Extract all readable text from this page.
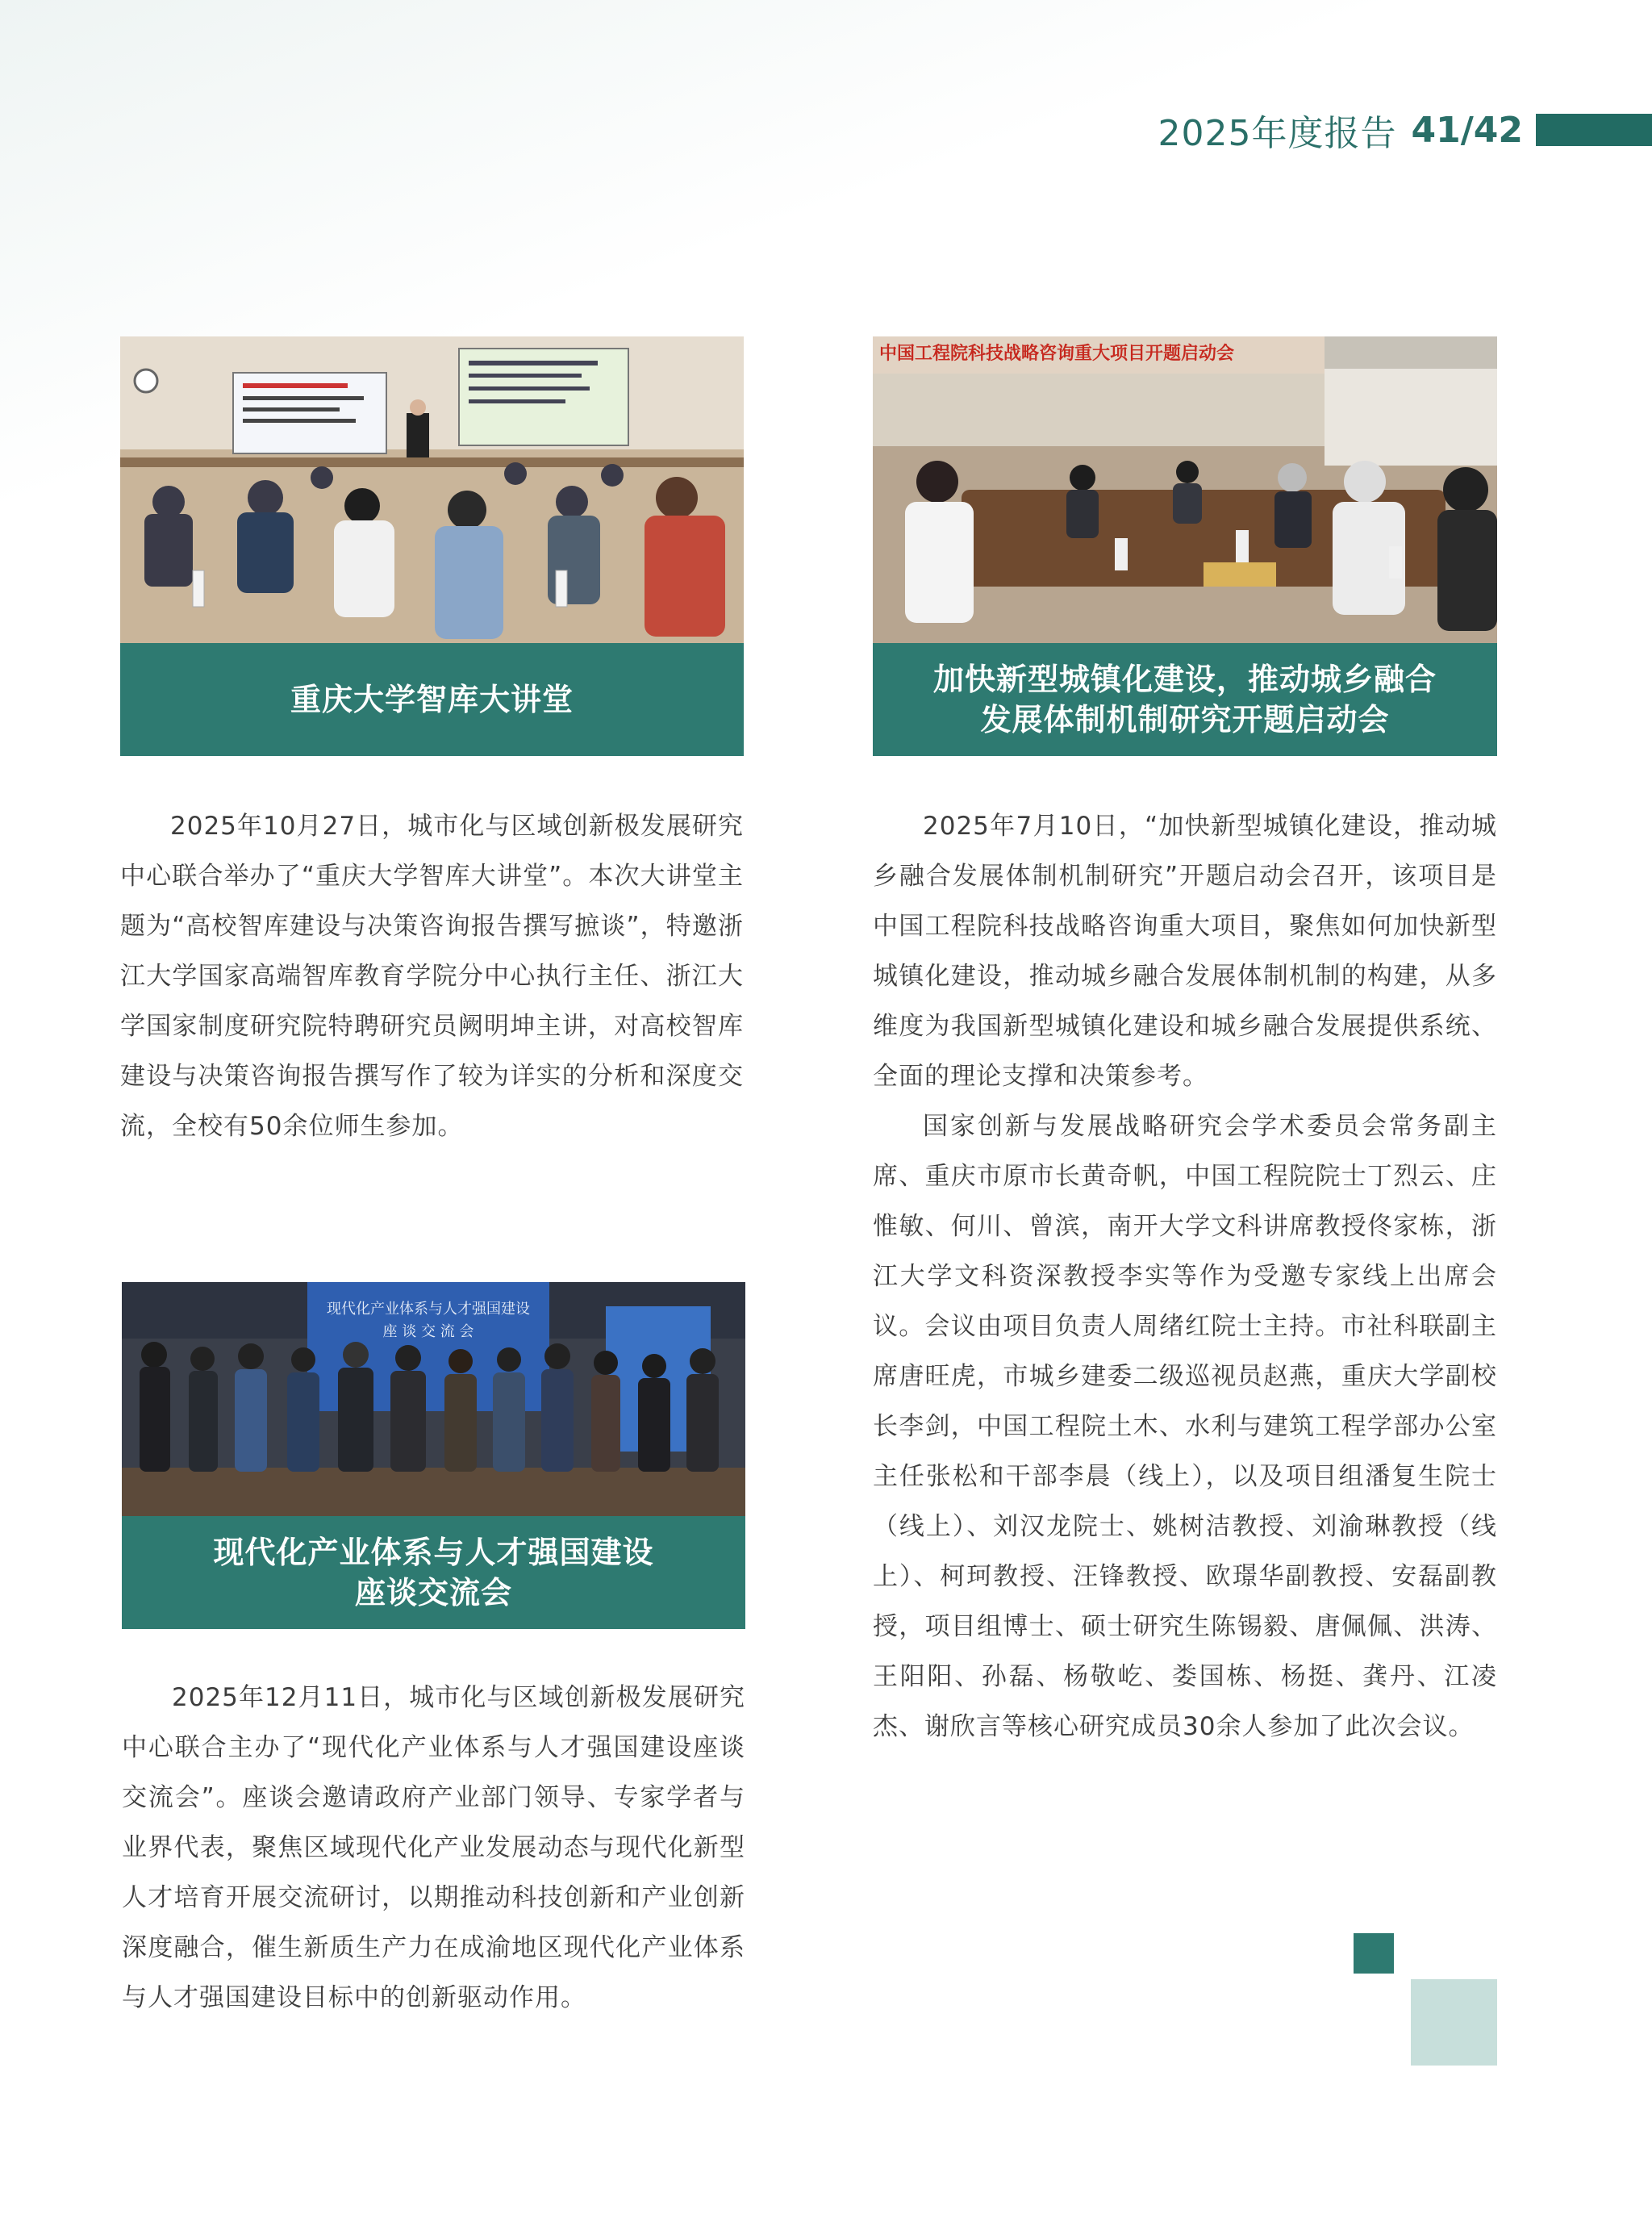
2025年度报告 41/42
重庆大学智库大讲堂

2025年10月27日，城市化与区域创新极发展研究中心联合举办了“重庆大学智库大讲堂”。本次大讲堂主题为“高校智库建设与决策咨询报告撰写摭谈”，特邀浙江大学国家高端智库教育学院分中心执行主任、浙江大学国家制度研究院特聘研究员阙明坤主讲，对高校智库建设与决策咨询报告撰写作了较为详实的分析和深度交流，全校有50余位师生参加。

中国工程院科技战略咨询重大项目开题启动会
加快新型城镇化建设，推动城乡融合
发展体制机制研究开题启动会

2025年7月10日，“加快新型城镇化建设，推动城乡融合发展体制机制研究”开题启动会召开，该项目是中国工程院科技战略咨询重大项目，聚焦如何加快新型城镇化建设，推动城乡融合发展体制机制的构建，从多维度为我国新型城镇化建设和城乡融合发展提供系统、全面的理论支撑和决策参考。

国家创新与发展战略研究会学术委员会常务副主席、重庆市原市长黄奇帆，中国工程院院士丁烈云、庄惟敏、何川、曾滨，南开大学文科讲席教授佟家栋，浙江大学文科资深教授李实等作为受邀专家线上出席会议。会议由项目负责人周绪红院士主持。市社科联副主席唐旺虎，市城乡建委二级巡视员赵燕，重庆大学副校长李剑，中国工程院土木、水利与建筑工程学部办公室主任张松和干部李晨（线上），以及项目组潘复生院士（线上）、刘汉龙院士、姚树洁教授、刘渝琳教授（线上）、柯珂教授、汪锋教授、欧璟华副教授、安磊副教授，项目组博士、硕士研究生陈锡毅、唐佩佩、洪涛、王阳阳、孙磊、杨敬屹、娄国栋、杨挺、龚丹、江凌杰、谢欣言等核心研究成员30余人参加了此次会议。

现代化产业体系与人才强国建设
座 谈 交 流 会
现代化产业体系与人才强国建设
座谈交流会

2025年12月11日，城市化与区域创新极发展研究中心联合主办了“现代化产业体系与人才强国建设座谈交流会”。座谈会邀请政府产业部门领导、专家学者与业界代表，聚焦区域现代化产业发展动态与现代化新型人才培育开展交流研讨，以期推动科技创新和产业创新深度融合，催生新质生产力在成渝地区现代化产业体系与人才强国建设目标中的创新驱动作用。
